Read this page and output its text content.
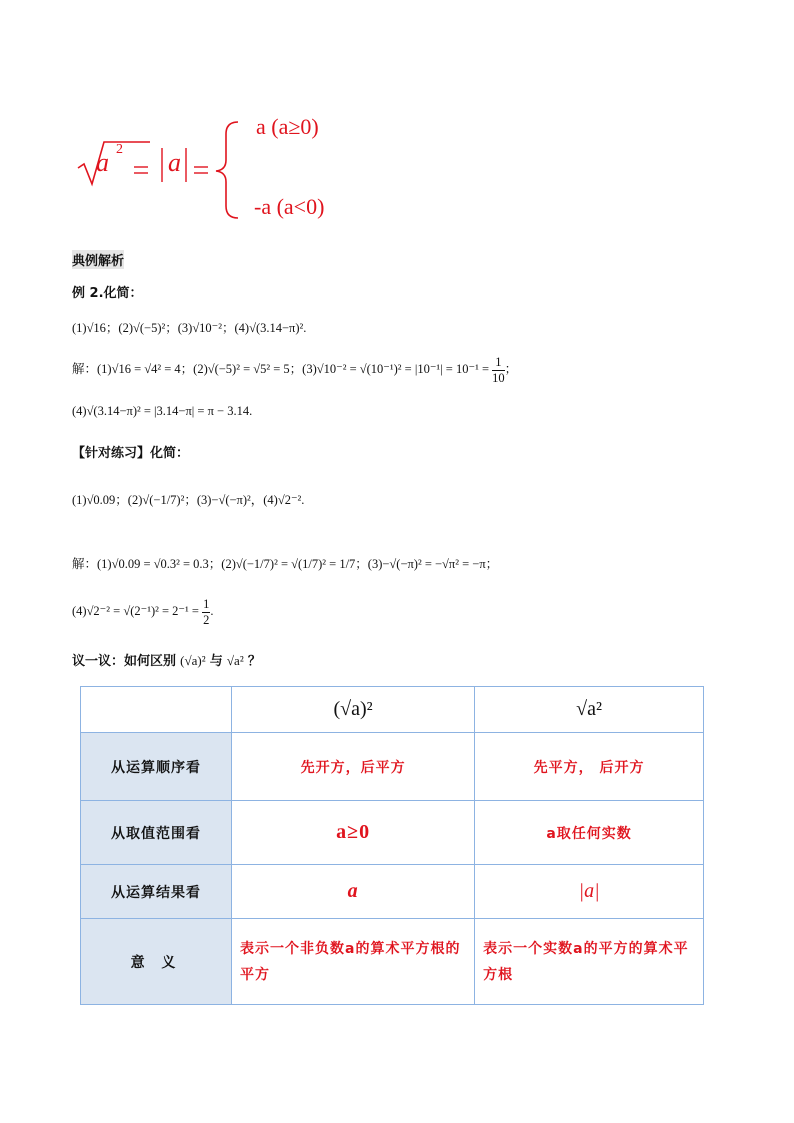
a 2 a
a (a≥0)
-a (a<0)
典例解析
例 2.化简：
(1)√16；(2)√(−5)²；(3)√10⁻²；(4)√(3.14−π)².
解：(1)√16 = √4² = 4；(2)√(−5)² = √5² = 5；$(3)√10^{-2} = √(10^{-1})^2 = |10^{-1}| = 10^{-1} = \frac{1}{10}$ ；
(4)√(3.14−π)² = |3.14−π| = π − 3.14.
【针对练习】化简：
(1)√0.09；(2)√(−1/7)²；(3)−√(−π)²，(4)√2⁻².
解：(1)√0.09 = √0.3² = 0.3；(2)√(−1/7)² = √(1/7)² = 1/7；(3)−√(−π)² = −√π² = −π；
$(4)√2^{-2} = √(2^{-1})^2 = 2^{-1} = \frac{1}{2}$ .
议一议：如何区别 (√a)² 与 √a² ？
	(√a)²	√a²
从运算顺序看	先开方，后平方	先平方， 后开方
从取值范围看	a≥0	a取任何实数
从运算结果看	a	|a|
意 义	表示一个非负数a的算术平方根的平方	表示一个实数a的平方的算术平方根
